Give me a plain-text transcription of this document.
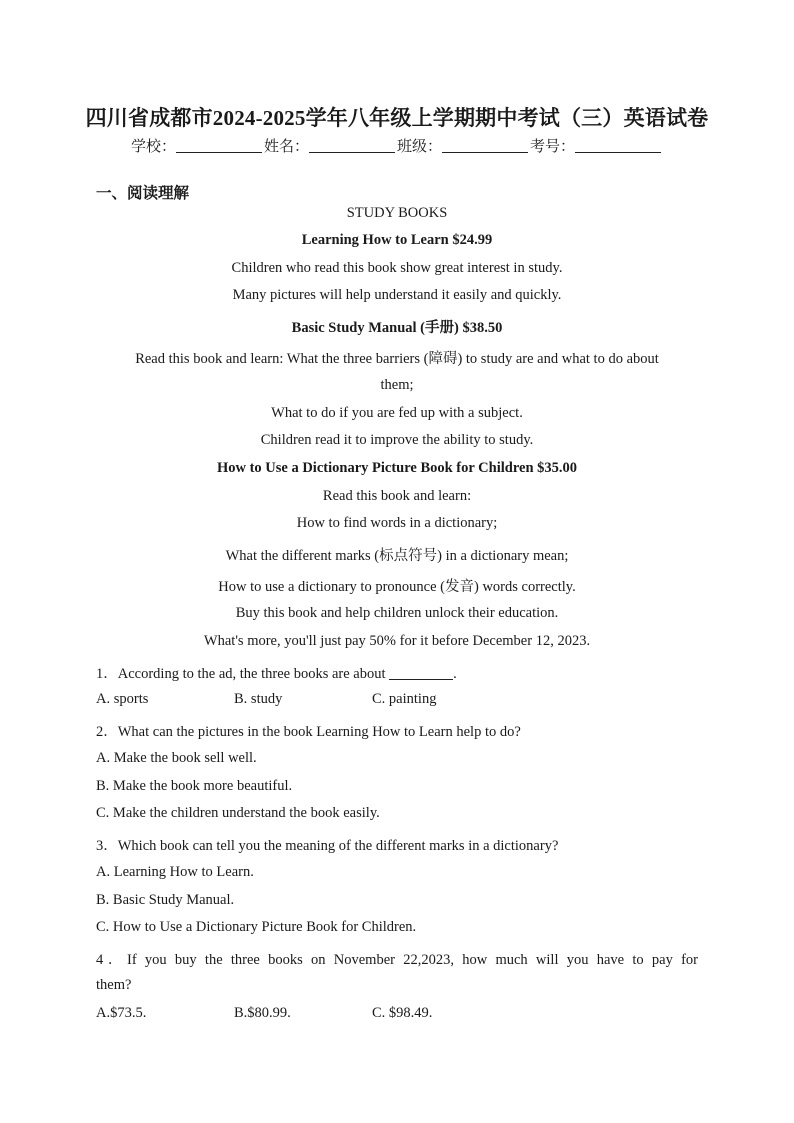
四川省成都市2024-2025学年八年级上学期期中考试（三）英语试卷
学校：	姓名：	班级：	考号：
一、阅读理解
STUDY BOOKS
Learning How to Learn $24.99
Children who read this book show great interest in study.
Many pictures will help understand it easily and quickly.
Basic Study Manual (手册) $38.50
Read this book and learn: What the three barriers (障碍) to study are and what to do about
them;
What to do if you are fed up with a subject.
Children read it to improve the ability to study.
How to Use a Dictionary Picture Book for Children $35.00
Read this book and learn:
How to find words in a dictionary;
What the different marks (标点符号) in a dictionary mean;
How to use a dictionary to pronounce (发音) words correctly.
Buy this book and help children unlock their education.
What's more, you'll just pay 50% for it before December 12, 2023.
1．According to the ad, the three books are about	.
A. sports	B. study	C. painting
2．What can the pictures in the book Learning How to Learn help to do?
A. Make the book sell well.
B. Make the book more beautiful.
C. Make the children understand the book easily.
3．Which book can tell you the meaning of the different marks in a dictionary?
A. Learning How to Learn.
B. Basic Study Manual.
C. How to Use a Dictionary Picture Book for Children.
4．If you buy the three books on November 22,2023, how much will you have to pay for
them?
A.$73.5.	B.$80.99.	C. $98.49.
